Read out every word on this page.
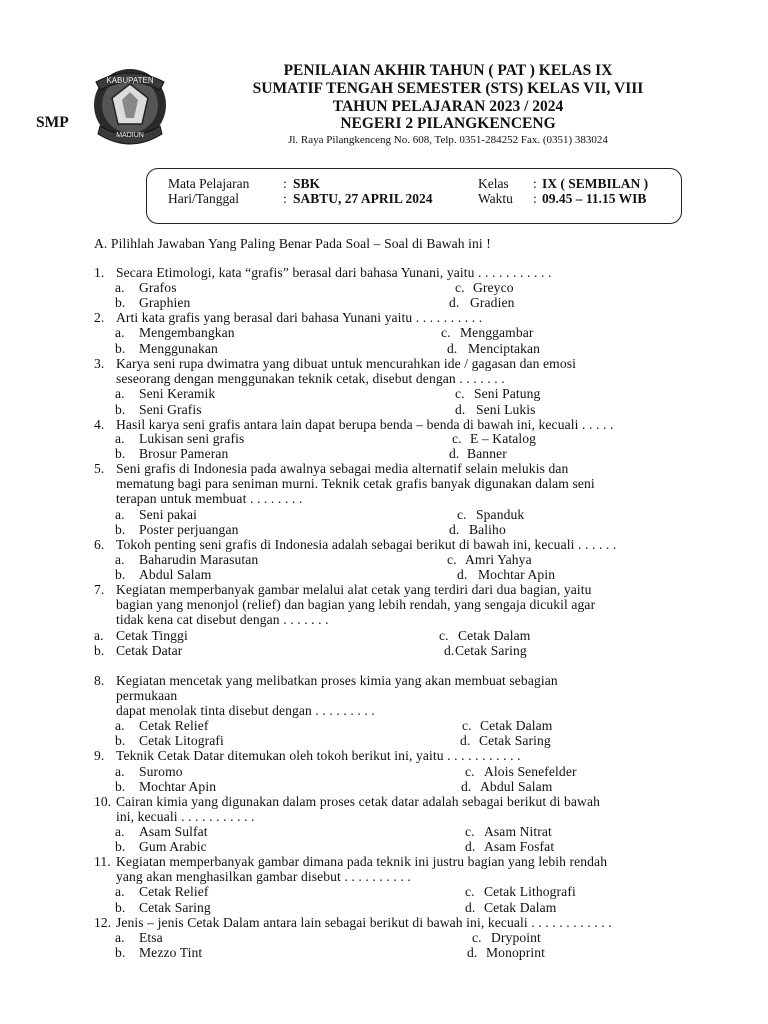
KABUPATEN
MADIUN
PENILAIAN AKHIR TAHUN ( PAT ) KELAS IX
SUMATIF TENGAH SEMESTER (STS) KELAS VII, VIII
TAHUN PELAJARAN 2023 / 2024
NEGERI 2 PILANGKENCENG
SMP
Jl. Raya Pilangkenceng No. 608, Telp. 0351-284252 Fax. (0351) 383024
Mata Pelajaran : SBK
Hari/Tanggal	: SABTU, 27 APRIL 2024
Kelas : IX ( SEMBILAN )
Waktu : 09.45 – 11.15 WIB
A. Pilihlah Jawaban Yang Paling Benar Pada Soal – Soal di Bawah ini !
1. Secara Etimologi, kata “grafis” berasal dari bahasa Yunani, yaitu . . . . . . . . . . .
a. Grafos
b. Graphien
c. Greyco
d. Gradien
2. Arti kata grafis yang berasal dari bahasa Yunani yaitu . . . . . . . . . .
a. Mengembangkan
b. Menggunakan
c. Menggambar
d. Menciptakan
3. Karya seni rupa dwimatra yang dibuat untuk mencurahkan ide / gagasan dan emosi
seseorang dengan menggunakan teknik cetak, disebut dengan . . . . . . .
a. Seni Keramik
b. Seni Grafis
c. Seni Patung
d. Seni Lukis
4. Hasil karya seni grafis antara lain dapat berupa benda – benda di bawah ini, kecuali . . . . .
a. Lukisan seni grafis
b. Brosur Pameran
c. E – Katalog
d. Banner
5. Seni grafis di Indonesia pada awalnya sebagai media alternatif selain melukis dan
mematung bagi para seniman murni. Teknik cetak grafis banyak digunakan dalam seni
terapan untuk membuat . . . . . . . .
a. Seni pakai
b. Poster perjuangan
c. Spanduk
d. Baliho
6. Tokoh penting seni grafis di Indonesia adalah sebagai berikut di bawah ini, kecuali . . . . . .
a. Baharudin Marasutan
b. Abdul Salam
c. Amri Yahya
d. Mochtar Apin
7. Kegiatan memperbanyak gambar melalui alat cetak yang terdiri dari dua bagian, yaitu
bagian yang menonjol (relief) dan bagian yang lebih rendah, yang sengaja dicukil agar
tidak kena cat disebut dengan . . . . . . .
a. Cetak Tinggi
b. Cetak Datar
c. Cetak Dalam
d. Cetak Saring
8. Kegiatan mencetak yang melibatkan proses kimia yang akan membuat sebagian
permukaan
dapat menolak tinta disebut dengan . . . . . . . . .
a. Cetak Relief
b. Cetak Litografi
c. Cetak Dalam
d. Cetak Saring
9. Teknik Cetak Datar ditemukan oleh tokoh berikut ini, yaitu . . . . . . . . . . .
a. Suromo
b. Mochtar Apin
c. Alois Senefelder
d. Abdul Salam
10. Cairan kimia yang digunakan dalam proses cetak datar adalah sebagai berikut di bawah
ini, kecuali . . . . . . . . . . .
a. Asam Sulfat
b. Gum Arabic
c. Asam Nitrat
d. Asam Fosfat
11. Kegiatan memperbanyak gambar dimana pada teknik ini justru bagian yang lebih rendah
yang akan menghasilkan gambar disebut . . . . . . . . . .
a. Cetak Relief
b. Cetak Saring
c. Cetak Lithografi
d. Cetak Dalam
12. Jenis – jenis Cetak Dalam antara lain sebagai berikut di bawah ini, kecuali . . . . . . . . . . . .
a. Etsa
b. Mezzo Tint
c. Drypoint
d. Monoprint
